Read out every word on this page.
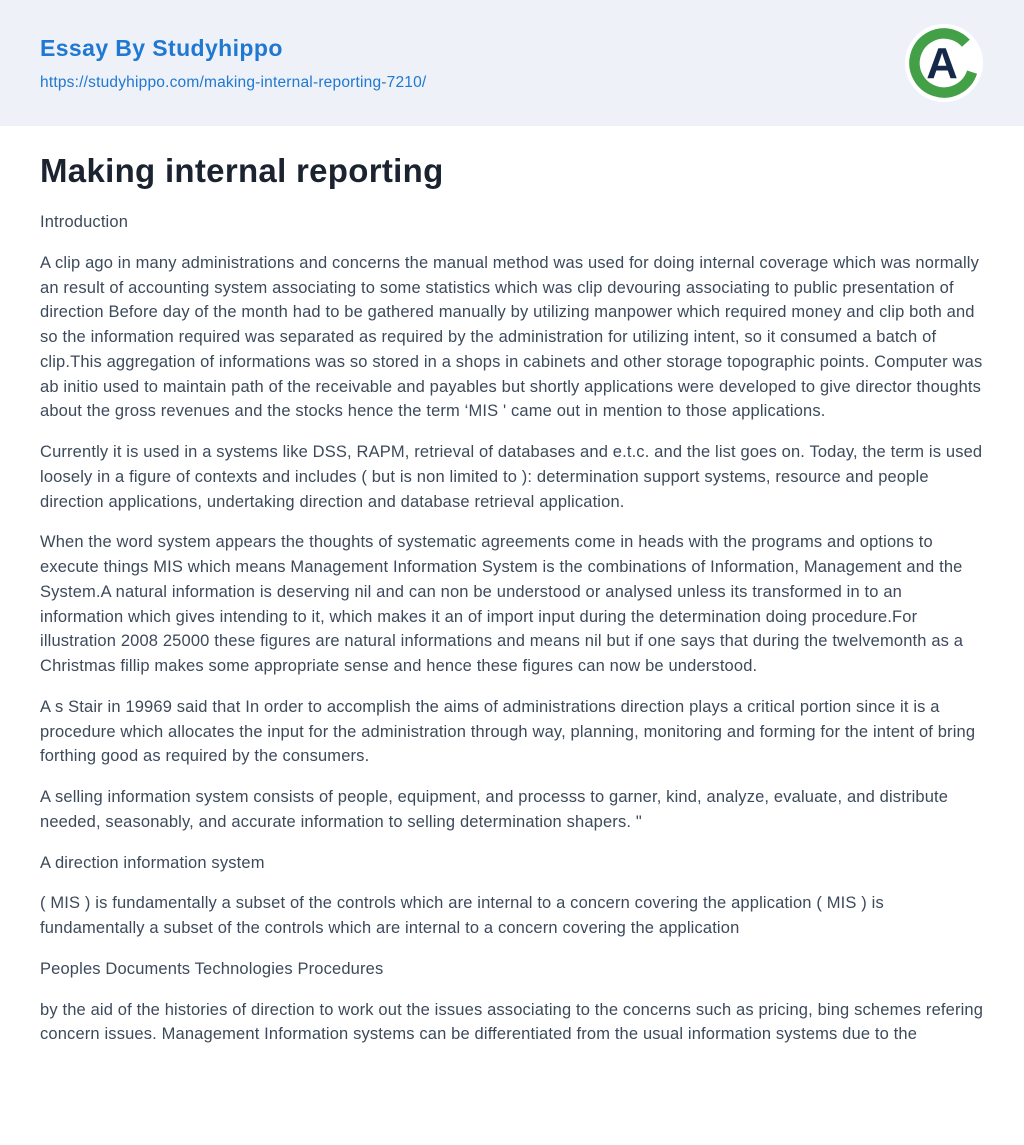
Essay By Studyhippo
https://studyhippo.com/making-internal-reporting-7210/	A
Making internal reporting

Introduction

A clip ago in many administrations and concerns the manual method was used for doing internal coverage which was normally an result of accounting system associating to some statistics which was clip devouring associating to public presentation of direction Before day of the month had to be gathered manually by utilizing manpower which required money and clip both and so the information required was separated as required by the administration for utilizing intent, so it consumed a batch of clip.This aggregation of informations was so stored in a shops in cabinets and other storage topographic points. Computer was ab initio used to maintain path of the receivable and payables but shortly applications were developed to give director thoughts about the gross revenues and the stocks hence the term ‘MIS ' came out in mention to those applications.

Currently it is used in a systems like DSS, RAPM, retrieval of databases and e.t.c. and the list goes on. Today, the term is used loosely in a figure of contexts and includes ( but is non limited to ): determination support systems, resource and people direction applications, undertaking direction and database retrieval application.

When the word system appears the thoughts of systematic agreements come in heads with the programs and options to execute things MIS which means Management Information System is the combinations of Information, Management and the System.A natural information is deserving nil and can non be understood or analysed unless its transformed in to an information which gives intending to it, which makes it an of import input during the determination doing procedure.For illustration 2008 25000 these figures are natural informations and means nil but if one says that during the twelvemonth as a Christmas fillip makes some appropriate sense and hence these figures can now be understood.

A s Stair in 19969 said that In order to accomplish the aims of administrations direction plays a critical portion since it is a procedure which allocates the input for the administration through way, planning, monitoring and forming for the intent of bring forthing good as required by the consumers.

A selling information system consists of people, equipment, and processs to garner, kind, analyze, evaluate, and distribute needed, seasonably, and accurate information to selling determination shapers. "

A direction information system

( MIS ) is fundamentally a subset of the controls which are internal to a concern covering the application ( MIS ) is fundamentally a subset of the controls which are internal to a concern covering the application

Peoples Documents Technologies Procedures

by the aid of the histories of direction to work out the issues associating to the concerns such as pricing, bing schemes refering concern issues. Management Information systems can be differentiated from the usual information systems due to the
